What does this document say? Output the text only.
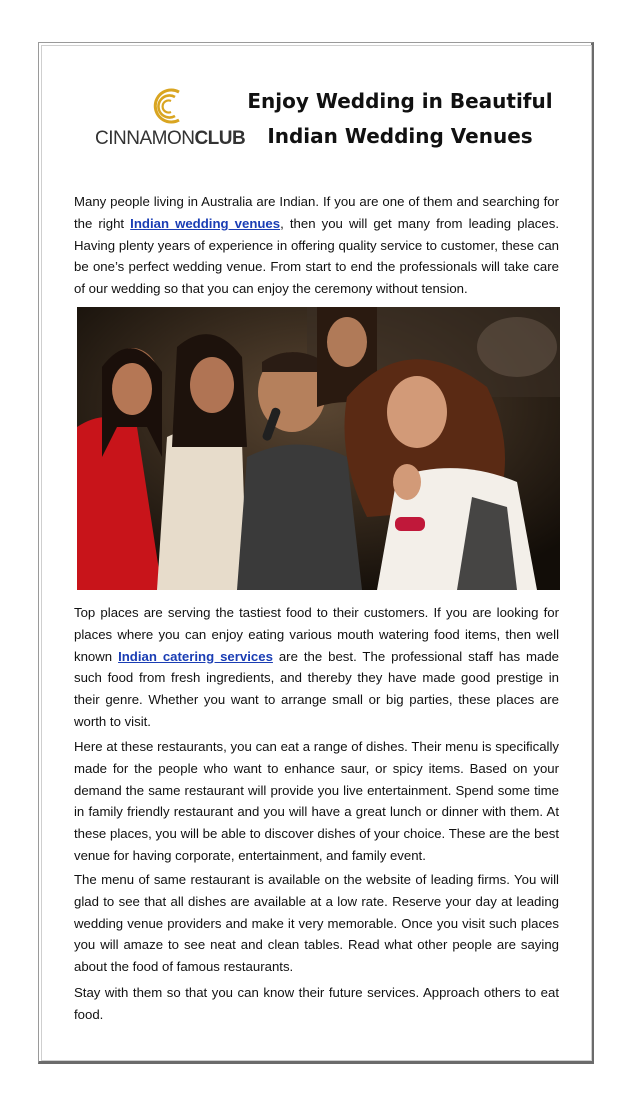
CINNAMONCLUB
Enjoy Wedding in Beautiful
Indian Wedding Venues

Many people living in Australia are Indian. If you are one of them and searching for the right Indian wedding venues, then you will get many from leading places. Having plenty years of experience in offering quality service to customer, these can be one’s perfect wedding venue. From start to end the professionals will take care of our wedding so that you can enjoy the ceremony without tension.

Top places are serving the tastiest food to their customers. If you are looking for places where you can enjoy eating various mouth watering food items, then well known Indian catering services are the best. The professional staff has made such food from fresh ingredients, and thereby they have made good prestige in their genre. Whether you want to arrange small or big parties, these places are worth to visit.

Here at these restaurants, you can eat a range of dishes. Their menu is specifically made for the people who want to enhance saur, or spicy items. Based on your demand the same restaurant will provide you live entertainment. Spend some time in family friendly restaurant and you will have a great lunch or dinner with them. At these places, you will be able to discover dishes of your choice. These are the best venue for having corporate, entertainment, and family event.

The menu of same restaurant is available on the website of leading firms. You will glad to see that all dishes are available at a low rate. Reserve your day at leading wedding venue providers and make it very memorable. Once you visit such places you will amaze to see neat and clean tables. Read what other people are saying about the food of famous restaurants.

Stay with them so that you can know their future services. Approach others to eat food.
